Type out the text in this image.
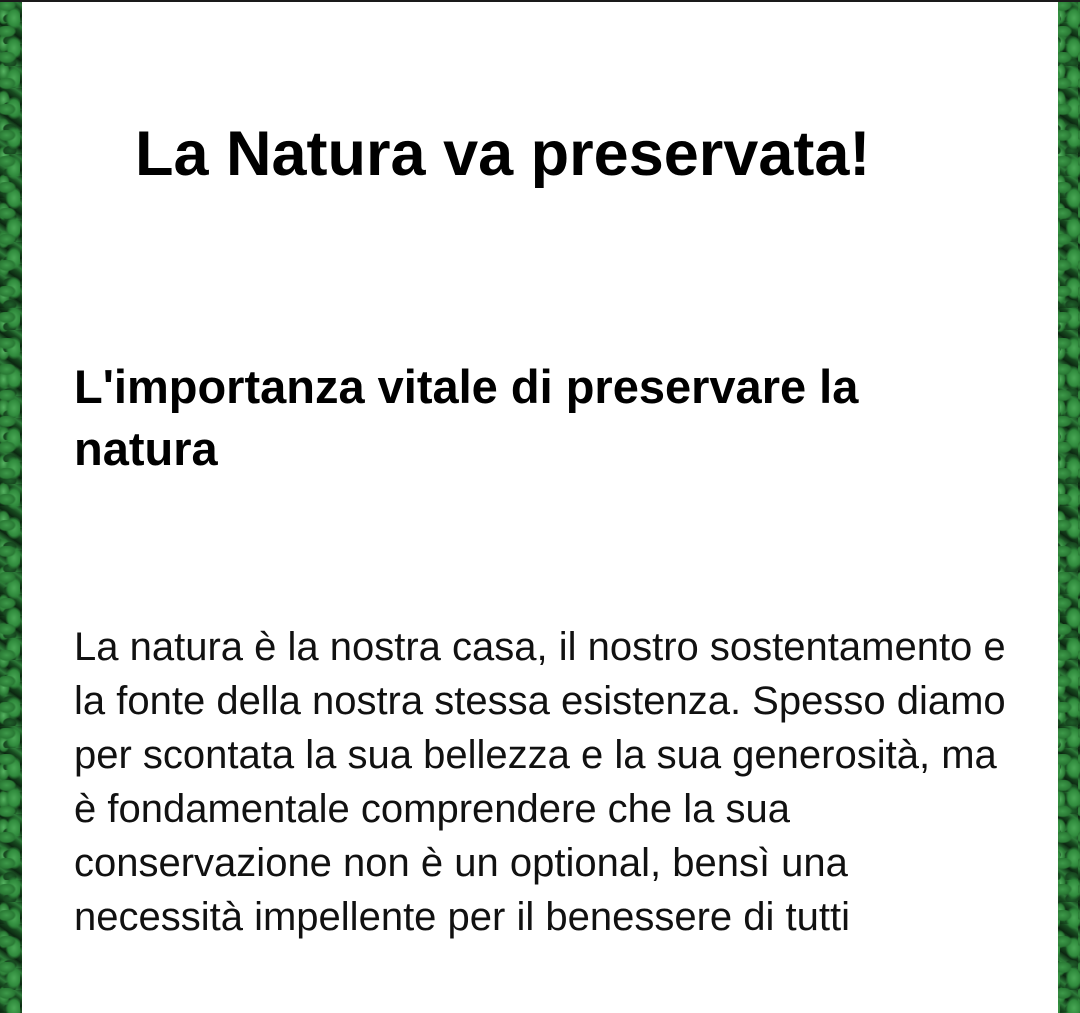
La Natura va preservata!
L'importanza vitale di preservare la natura

La natura è la nostra casa, il nostro sostentamento e la fonte della nostra stessa esistenza. Spesso diamo per scontata la sua bellezza e la sua generosità, ma è fondamentale comprendere che la sua conservazione non è un optional, bensì una necessità impellente per il benessere di tutti
